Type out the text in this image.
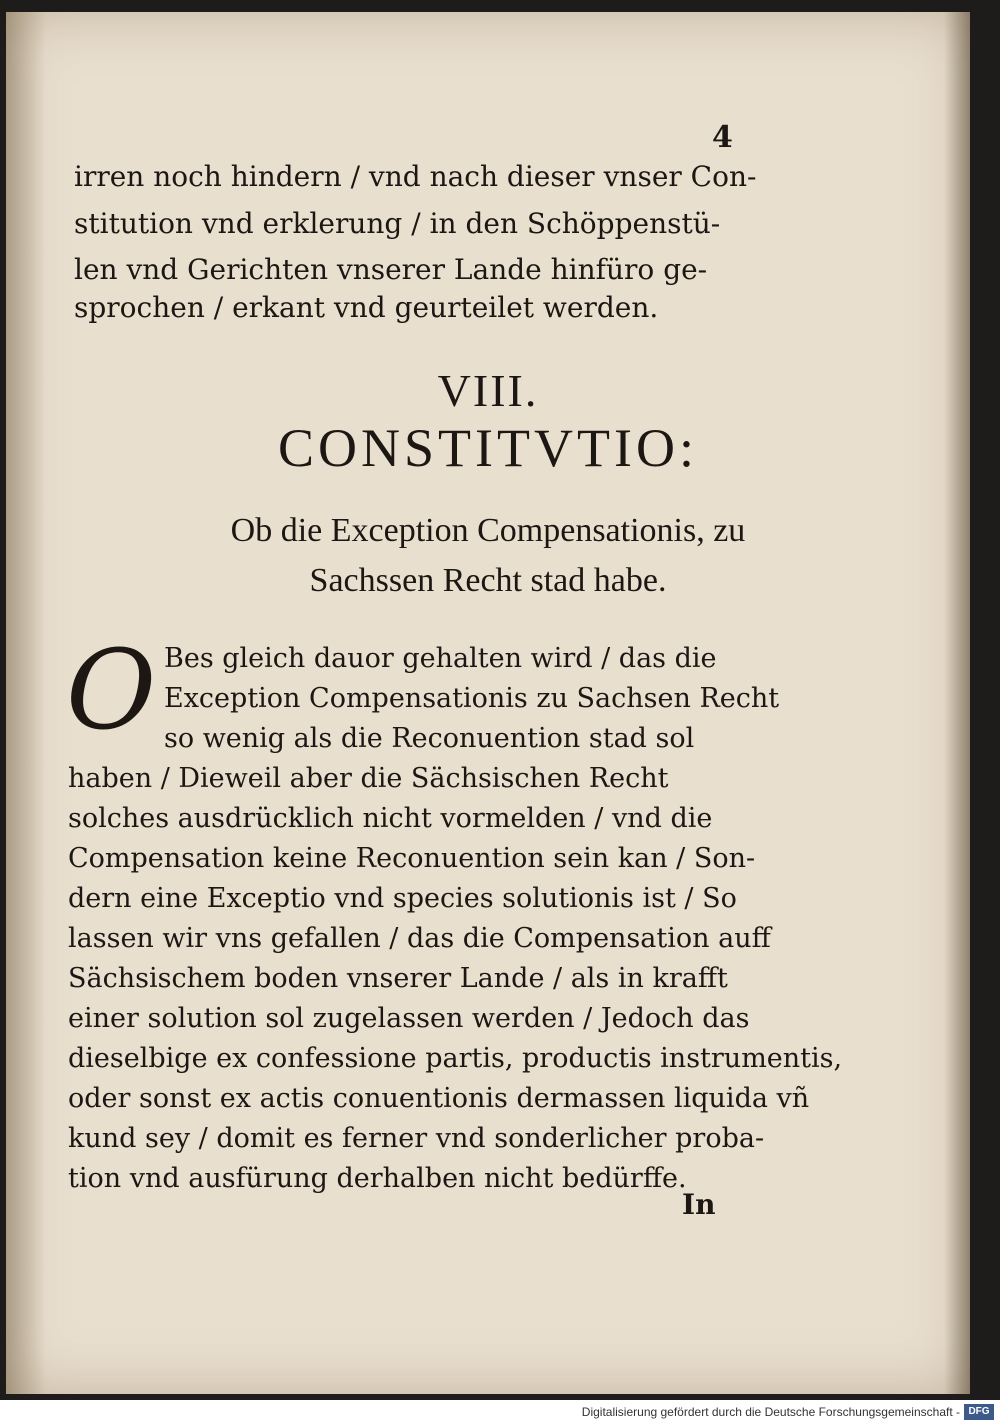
4
irren noch hindern / vnd nach dieser vnser Con-
stitution vnd erklerung / in den Schöppenstü-
len vnd Gerichten vnserer Lande hinfüro ge-
sprochen / erkant vnd geurteilet werden.
VIII.
CONSTITVTIO:
Ob die Exception Compensationis, zu
Sachssen Recht stad habe.
O Bes gleich dauor gehalten wird / das die
Exception Compensationis zu Sachsen Recht
so wenig als die Reconuention stad sol
haben / Dieweil aber die Sächsischen Recht
solches ausdrücklich nicht vormelden / vnd die
Compensation keine Reconuention sein kan / Son-
dern eine Exceptio vnd species solutionis ist / So
lassen wir vns gefallen / das die Compensation auff
Sächsischem boden vnserer Lande / als in krafft
einer solution sol zugelassen werden / Jedoch das
dieselbige ex confessione partis, productis instrumentis,
oder sonst ex actis conuentionis dermassen liquida vñ
kund sey / domit es ferner vnd sonderlicher proba-
tion vnd ausfürung derhalben nicht bedürffe.
In
Digitalisierung gefördert durch die Deutsche Forschungsgemeinschaft - DFG
